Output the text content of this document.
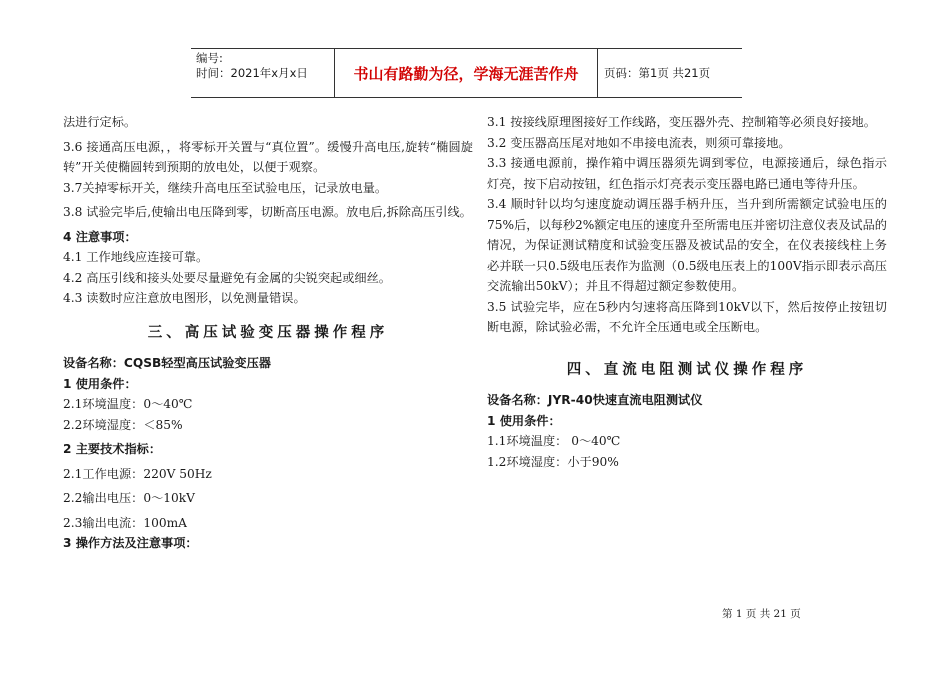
编号:
时间：2021年x月x日	书山有路勤为径，学海无涯苦作舟	页码：第1页 共21页

法进行定标。

3.6 接通高压电源，，将零标开关置与“真位置”。缓慢升高电压,旋转“椭圆旋转”开关使椭圆转到预期的放电处，以便于观察。

3.7关掉零标开关，继续升高电压至试验电压，记录放电量。

3.8 试验完毕后,使输出电压降到零，切断高压电源。放电后,拆除高压引线。

4 注意事项：

4.1 工作地线应连接可靠。

4.2 高压引线和接头处要尽量避免有金属的尖锐突起或细丝。

4.3 读数时应注意放电图形，以免测量错误。

三、高压试验变压器操作程序

设备名称：CQSB轻型高压试验变压器

1 使用条件：

2.1环境温度：0～40℃

2.2环境湿度：＜85%

2 主要技术指标：

2.1工作电源：220V 50Hz

2.2输出电压：0～10kV

2.3输出电流：100mA

3 操作方法及注意事项：

3.1 按接线原理图接好工作线路，变压器外壳、控制箱等必须良好接地。

3.2 变压器高压尾对地如不串接电流表，则须可靠接地。

3.3 接通电源前，操作箱中调压器须先调到零位，电源接通后，绿色指示灯亮，按下启动按钮，红色指示灯亮表示变压器电路已通电等待升压。

3.4 顺时针以均匀速度旋动调压器手柄升压，当升到所需额定试验电压的75%后，以每秒2%额定电压的速度升至所需电压并密切注意仪表及试品的情况，为保证测试精度和试验变压器及被试品的安全，在仪表接线柱上务必并联一只0.5级电压表作为监测（0.5级电压表上的100V指示即表示高压交流输出50kV）；并且不得超过额定参数使用。

3.5 试验完毕，应在5秒内匀速将高压降到10kV以下，然后按停止按钮切断电源，除试验必需，不允许全压通电或全压断电。

四、直流电阻测试仪操作程序

设备名称：JYR-40快速直流电阻测试仪

1 使用条件：

1.1环境温度： 0～40℃

1.2环境湿度：小于90%

第 1 页 共 21 页
